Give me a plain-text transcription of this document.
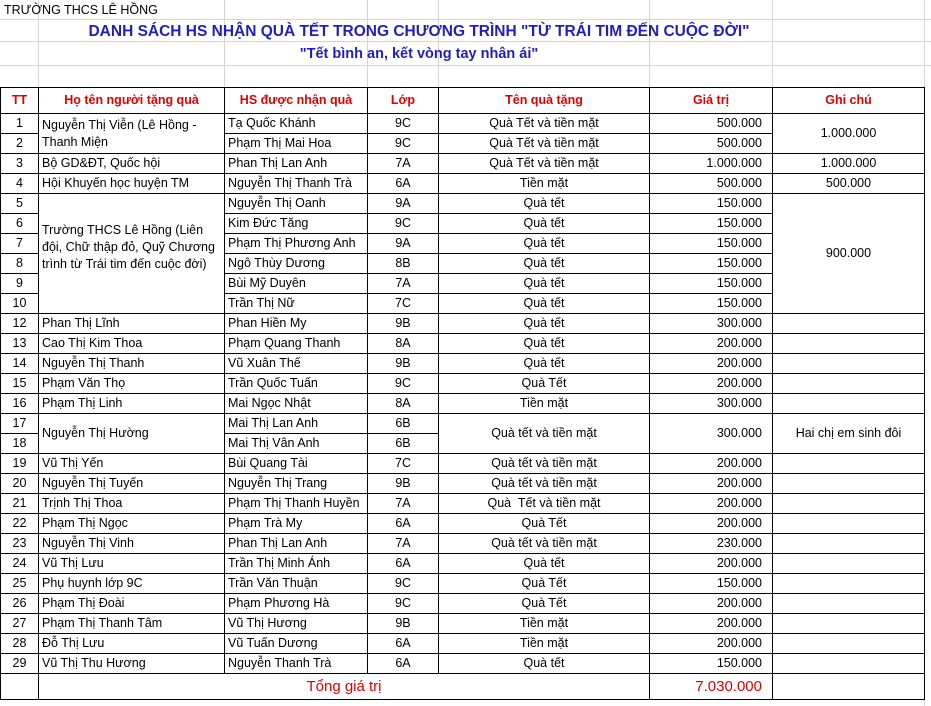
TRƯỜNG THCS LÊ HỒNG
DANH SÁCH HS NHẬN QUÀ TẾT TRONG CHƯƠNG TRÌNH "TỪ TRÁI TIM ĐẾN CUỘC ĐỜI"
"Tết bình an, kết vòng tay nhân ái"
TT	Họ tên người tặng quà	HS được nhận quà	Lớp	Tên quà tặng	Giá trị	Ghi chú
1	Nguyễn Thị Viễn (Lê Hồng - Thanh Miện	Tạ Quốc Khánh	9C	Quà Tết và tiền mặt	500.000	1.000.000
2		Phạm Thị Mai Hoa	9C	Quà Tết và tiền mặt	500.000	
3	Bộ GD&ĐT, Quốc hội	Phan Thị Lan Anh	7A	Quà Tết và tiền mặt	1.000.000	1.000.000
4	Hội Khuyến học huyện TM	Nguyễn Thị Thanh Trà	6A	Tiền mặt	500.000	500.000
5	Trường THCS Lê Hồng (Liên đội, Chữ thập đỏ, Quỹ Chương trình từ Trái tim đến cuộc đời)	Nguyễn Thị Oanh	9A	Quà tết	150.000	900.000
6		Kim Đức Tăng	9C	Quà tết	150.000	
7		Phạm Thị Phương Anh	9A	Quà tết	150.000	
8		Ngô Thùy Dương	8B	Quà tết	150.000	
9		Bùi Mỹ Duyên	7A	Quà tết	150.000	
10		Trần Thị Nữ	7C	Quà tết	150.000	
12	Phan Thị Lĩnh	Phan Hiền My	9B	Quà tết	300.000	
13	Cao Thị Kim Thoa	Phạm Quang Thanh	8A	Quà tết	200.000	
14	Nguyễn Thị Thanh	Vũ Xuân Thế	9B	Quà tết	200.000	
15	Phạm Văn Thọ	Trần Quốc Tuấn	9C	Quà Tết	200.000	
16	Phạm Thị Linh	Mai Ngọc Nhật	8A	Tiền mặt	300.000	
17	Nguyễn Thị Hường	Mai Thị Lan Anh	6B	Quà tết và tiền mặt	300.000	Hai chị em sinh đôi
18		Mai Thị Vân Anh	6B			
19	Vũ Thị Yến	Bùi Quang Tài	7C	Quà tết và tiền mặt	200.000	
20	Nguyễn Thị Tuyến	Nguyễn Thị Trang	9B	Quà tết và tiền mặt	200.000	
21	Trịnh Thị Thoa	Phạm Thị Thanh Huyền	7A	Quà  Tết và tiền mặt	200.000	
22	Phạm Thị Ngọc	Phạm Trà My	6A	Quà Tết	200.000	
23	Nguyễn Thị Vinh	Phan Thị Lan Anh	7A	Quà tết và tiền mặt	230.000	
24	Vũ Thị Lưu	Trần Thị Minh Ánh	6A	Quà tết	200.000	
25	Phụ huynh lớp 9C	Trần Văn Thuận	9C	Quà Tết	150.000	
26	Phạm Thị Đoài	Phạm Phương Hà	9C	Quà Tết	200.000	
27	Phạm Thị Thanh Tâm	Vũ Thị Hương	9B	Tiền mặt	200.000	
28	Đỗ Thị Lưu	Vũ Tuấn Dương	6A	Tiền mặt	200.000	
29	Vũ Thị Thu Hương	Nguyễn Thanh Trà	6A	Quà tết	150.000	
	Tổng giá trị				7.030.000	
